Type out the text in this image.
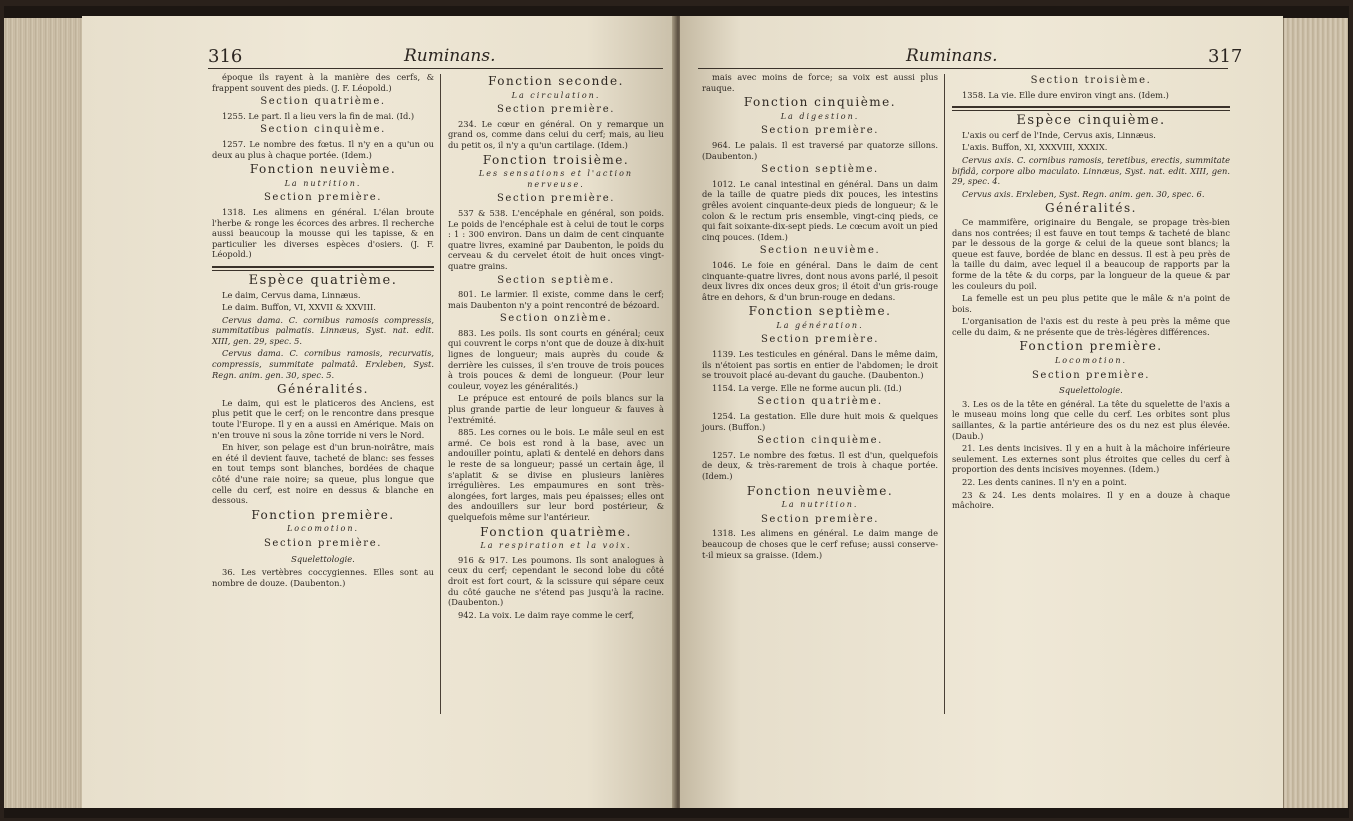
316	Ruminans.

époque ils rayent à la manière des cerfs, & frappent souvent des pieds. (J. F. Léopold.)

Section quatrième.

1255. Le part. Il a lieu vers la fin de mai. (Id.)

Section cinquième.

1257. Le nombre des fœtus. Il n'y en a qu'un ou deux au plus à chaque portée. (Idem.)

Fonction neuvième.

La nutrition.

Section première.

1318. Les alimens en général. L'élan broute l'herbe & ronge les écorces des arbres. Il recherche aussi beaucoup la mousse qui les tapisse, & en particulier les diverses espèces d'osiers. (J. F. Léopold.)

Espèce quatrième.

Le daim, Cervus dama, Linnæus.

Le daim. Buffon, VI, XXVII & XXVIII.

Cervus dama. C. cornibus ramosis compressis, summitatibus palmatis. Linnæus, Syst. nat. edit. XIII, gen. 29, spec. 5.

Cervus dama. C. cornibus ramosis, recurvatis, compressis, summitate palmatâ. Erxleben, Syst. Regn. anim. gen. 30, spec. 5.

Généralités.

Le daim, qui est le platiceros des Anciens, est plus petit que le cerf; on le rencontre dans presque toute l'Europe. Il y en a aussi en Amérique. Mais on n'en trouve ni sous la zône torride ni vers le Nord.

En hiver, son pelage est d'un brun-noirâtre, mais en été il devient fauve, tacheté de blanc: ses fesses en tout temps sont blanches, bordées de chaque côté d'une raie noire; sa queue, plus longue que celle du cerf, est noire en dessus & blanche en dessous.

Fonction première.

Locomotion.

Section première.

Squelettologie.

36. Les vertèbres coccygiennes. Elles sont au nombre de douze. (Daubenton.)

Fonction seconde.

La circulation.

Section première.

234. Le cœur en général. On y remarque un grand os, comme dans celui du cerf; mais, au lieu du petit os, il n'y a qu'un cartilage. (Idem.)

Fonction troisième.

Les sensations et l'action nerveuse.

Section première.

537 & 538. L'encéphale en général, son poids. Le poids de l'encéphale est à celui de tout le corps : 1 : 300 environ. Dans un daim de cent cinquante quatre livres, examiné par Daubenton, le poids du cerveau & du cervelet étoit de huit onces vingt-quatre grains.

Section septième.

801. Le larmier. Il existe, comme dans le cerf; mais Daubenton n'y a point rencontré de bézoard.

Section onzième.

883. Les poils. Ils sont courts en général; ceux qui couvrent le corps n'ont que de douze à dix-huit lignes de longueur; mais auprès du coude & derrière les cuisses, il s'en trouve de trois pouces à trois pouces & demi de longueur. (Pour leur couleur, voyez les généralités.)

Le prépuce est entouré de poils blancs sur la plus grande partie de leur longueur & fauves à l'extrémité.

885. Les cornes ou le bois. Le mâle seul en est armé. Ce bois est rond à la base, avec un andouiller pointu, aplati & dentelé en dehors dans le reste de sa longueur; passé un certain âge, il s'aplatit & se divise en plusieurs lanières irrégulières. Les empaumures en sont très-alongées, fort larges, mais peu épaisses; elles ont des andouillers sur leur bord postérieur, & quelquefois même sur l'antérieur.

Fonction quatrième.

La respiration et la voix.

916 & 917. Les poumons. Ils sont analogues à ceux du cerf; cependant le second lobe du côté droit est fort court, & la scissure qui sépare ceux du côté gauche ne s'étend pas jusqu'à la racine. (Daubenton.)

942. La voix. Le daim raye comme le cerf,

Ruminans.	317

mais avec moins de force; sa voix est aussi plus rauque.

Fonction cinquième.

La digestion.

Section première.

964. Le palais. Il est traversé par quatorze sillons. (Daubenton.)

Section septième.

1012. Le canal intestinal en général. Dans un daim de la taille de quatre pieds dix pouces, les intestins grêles avoient cinquante-deux pieds de longueur; & le colon & le rectum pris ensemble, vingt-cinq pieds, ce qui fait soixante-dix-sept pieds. Le cœcum avoit un pied cinq pouces. (Idem.)

Section neuvième.

1046. Le foie en général. Dans le daim de cent cinquante-quatre livres, dont nous avons parlé, il pesoit deux livres dix onces deux gros; il étoit d'un gris-rouge âtre en dehors, & d'un brun-rouge en dedans.

Fonction septième.

La génération.

Section première.

1139. Les testicules en général. Dans le même daim, ils n'étoient pas sortis en entier de l'abdomen; le droit se trouvoit placé au-devant du gauche. (Daubenton.)

1154. La verge. Elle ne forme aucun pli. (Id.)

Section quatrième.

1254. La gestation. Elle dure huit mois & quelques jours. (Buffon.)

Section cinquième.

1257. Le nombre des fœtus. Il est d'un, quelquefois de deux, & très-rarement de trois à chaque portée. (Idem.)

Fonction neuvième.

La nutrition.

Section première.

1318. Les alimens en général. Le daim mange de beaucoup de choses que le cerf refuse; aussi conserve-t-il mieux sa graisse. (Idem.)

Section troisième.

1358. La vie. Elle dure environ vingt ans. (Idem.)

Espèce cinquième.

L'axis ou cerf de l'Inde, Cervus axis, Linnæus.

L'axis. Buffon, XI, XXXVIII, XXXIX.

Cervus axis. C. cornibus ramosis, teretibus, erectis, summitate bifidâ, corpore albo maculato. Linnæus, Syst. nat. edit. XIII, gen. 29, spec. 4.

Cervus axis. Erxleben, Syst. Regn. anim. gen. 30, spec. 6.

Généralités.

Ce mammifère, originaire du Bengale, se propage très-bien dans nos contrées; il est fauve en tout temps & tacheté de blanc par le dessous de la gorge & celui de la queue sont blancs; la queue est fauve, bordée de blanc en dessus. Il est à peu près de la taille du daim, avec lequel il a beaucoup de rapports par la forme de la tête & du corps, par la longueur de la queue & par les couleurs du poil.

La femelle est un peu plus petite que le mâle & n'a point de bois.

L'organisation de l'axis est du reste à peu près la même que celle du daim, & ne présente que de très-légères différences.

Fonction première.

Locomotion.

Section première.

Squelettologie.

3. Les os de la tête en général. La tête du squelette de l'axis a le museau moins long que celle du cerf. Les orbites sont plus saillantes, & la partie antérieure des os du nez est plus élevée. (Daub.)

21. Les dents incisives. Il y en a huit à la mâchoire inférieure seulement. Les externes sont plus étroites que celles du cerf à proportion des dents incisives moyennes. (Idem.)

22. Les dents canines. Il n'y en a point.

23 & 24. Les dents molaires. Il y en a douze à chaque mâchoire.
